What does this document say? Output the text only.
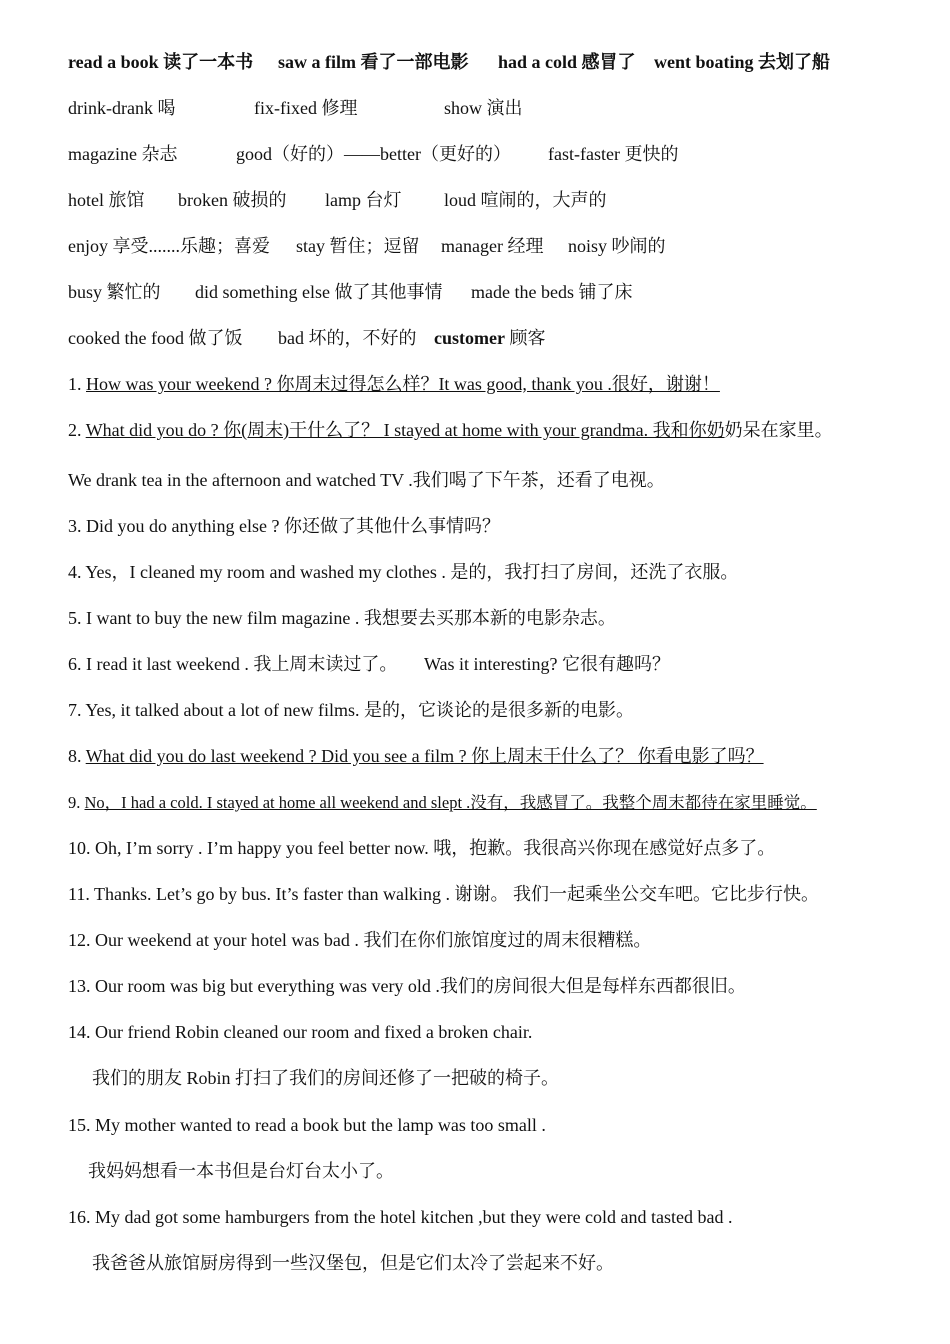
read a book 读了一本书 saw a film 看了一部电影 had a cold 感冒了 went boating 去划了船
drink-drank 喝	fix-fixed 修理	show 演出
magazine 杂志	good（好的）——better（更好的） fast-faster 更快的
hotel 旅馆 broken 破损的 lamp 台灯 loud 喧闹的，大声的
enjoy 享受.......乐趣；喜爱 stay 暂住；逗留 manager 经理 noisy 吵闹的
busy 繁忙的 did something else 做了其他事情 made the beds 铺了床
cooked the food 做了饭 bad 坏的，不好的 customer 顾客
1. How was your weekend ? 你周末过得怎么样？It was good, thank you .很好，谢谢！
2. What did you do ? 你(周末)干什么了？ I stayed at home with your grandma. 我和你奶奶呆在家里。
We drank tea in the afternoon and watched TV .我们喝了下午茶，还看了电视。
3. Did you do anything else ? 你还做了其他什么事情吗？
4. Yes，I cleaned my room and washed my clothes . 是的，我打扫了房间，还洗了衣服。
5. I want to buy the new film magazine . 我想要去买那本新的电影杂志。
6. I read it last weekend . 我上周末读过了。 Was it interesting? 它很有趣吗？
7. Yes, it talked about a lot of new films. 是的，它谈论的是很多新的电影。
8. What did you do last weekend ? Did you see a film ? 你上周末干什么了？ 你看电影了吗？
9. No，I had a cold. I stayed at home all weekend and slept .没有，我感冒了。我整个周末都待在家里睡觉。
10. Oh, I’m sorry . I’m happy you feel better now. 哦，抱歉。我很高兴你现在感觉好点多了。
11. Thanks. Let’s go by bus. It’s faster than walking . 谢谢。 我们一起乘坐公交车吧。它比步行快。
12. Our weekend at your hotel was bad . 我们在你们旅馆度过的周末很糟糕。
13. Our room was big but everything was very old .我们的房间很大但是每样东西都很旧。
14. Our friend Robin cleaned our room and fixed a broken chair.
我们的朋友 Robin 打扫了我们的房间还修了一把破的椅子。
15. My mother wanted to read a book but the lamp was too small .
我妈妈想看一本书但是台灯台太小了。
16. My dad got some hamburgers from the hotel kitchen ,but they were cold and tasted bad .
我爸爸从旅馆厨房得到一些汉堡包，但是它们太冷了尝起来不好。
